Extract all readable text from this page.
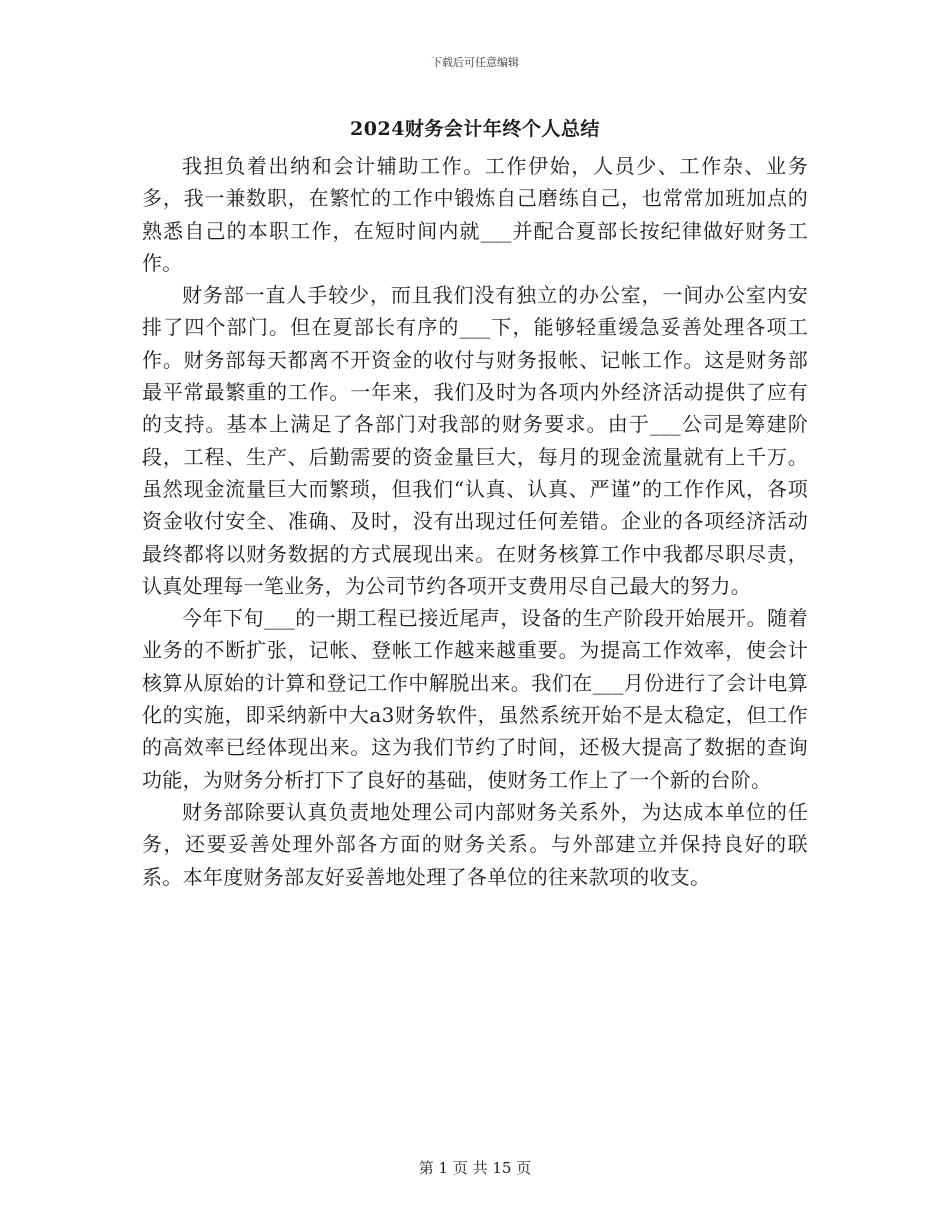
下载后可任意编辑
2024财务会计年终个人总结

我担负着出纳和会计辅助工作。工作伊始，人员少、工作杂、业务多，我一兼数职，在繁忙的工作中锻炼自己磨练自己，也常常加班加点的熟悉自己的本职工作，在短时间内就___并配合夏部长按纪律做好财务工作。

财务部一直人手较少，而且我们没有独立的办公室，一间办公室内安排了四个部门。但在夏部长有序的___下，能够轻重缓急妥善处理各项工作。财务部每天都离不开资金的收付与财务报帐、记帐工作。这是财务部最平常最繁重的工作。一年来，我们及时为各项内外经济活动提供了应有的支持。基本上满足了各部门对我部的财务要求。由于___公司是筹建阶段，工程、生产、后勤需要的资金量巨大，每月的现金流量就有上千万。虽然现金流量巨大而繁琐，但我们“认真、认真、严谨”的工作作风，各项资金收付安全、准确、及时，没有出现过任何差错。企业的各项经济活动最终都将以财务数据的方式展现出来。在财务核算工作中我都尽职尽责，认真处理每一笔业务，为公司节约各项开支费用尽自己最大的努力。

今年下旬___的一期工程已接近尾声，设备的生产阶段开始展开。随着业务的不断扩张，记帐、登帐工作越来越重要。为提高工作效率，使会计核算从原始的计算和登记工作中解脱出来。我们在___月份进行了会计电算化的实施，即采纳新中大a3财务软件，虽然系统开始不是太稳定，但工作的高效率已经体现出来。这为我们节约了时间，还极大提高了数据的查询功能，为财务分析打下了良好的基础，使财务工作上了一个新的台阶。

财务部除要认真负责地处理公司内部财务关系外，为达成本单位的任务，还要妥善处理外部各方面的财务关系。与外部建立并保持良好的联系。本年度财务部友好妥善地处理了各单位的往来款项的收支。

第 1 页 共 15 页
